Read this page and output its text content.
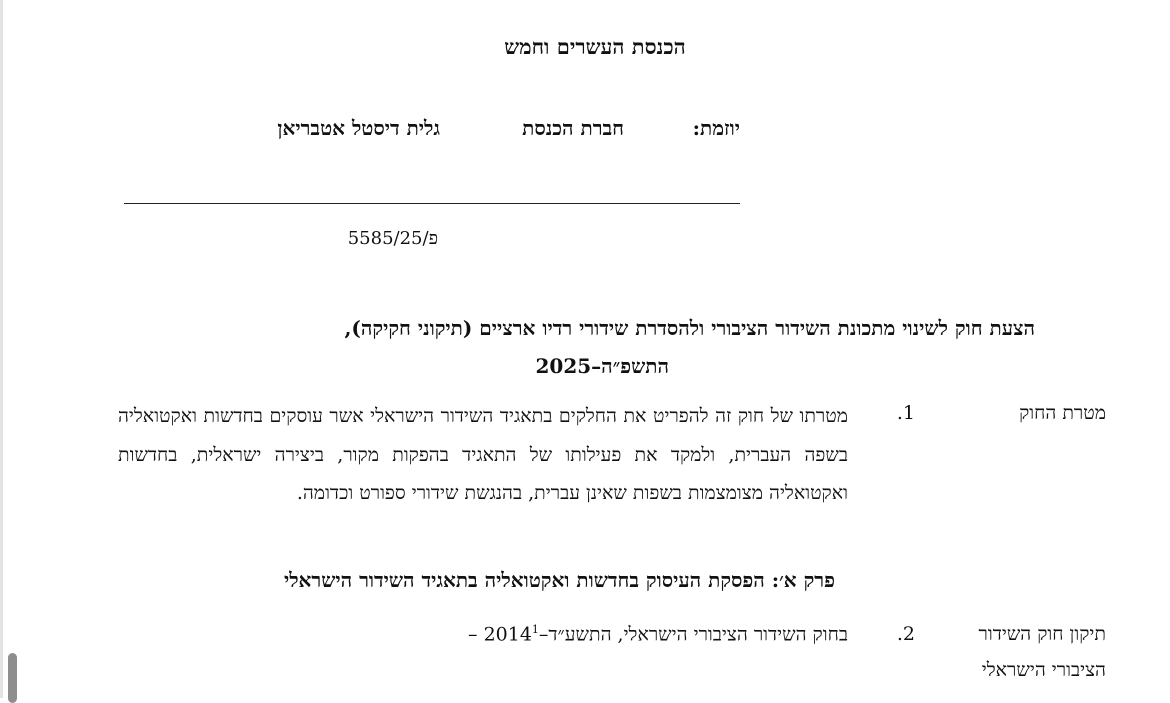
הכנסת העשרים וחמש
יוזמת:
חברת הכנסת
גלית דיסטל אטבריאן
פ/5585/25
הצעת חוק לשינוי מתכונת השידור הציבורי ולהסדרת שידורי רדיו ארציים (תיקוני חקיקה),
התשפ״ה–2025
מטרת החוק
1.
מטרתו של חוק זה להפריט את החלקים בתאגיד השידור הישראלי אשר עוסקים בחדשות ואקטואליה בשפה העברית, ולמקד את פעילותו של התאגיד בהפקות מקור, ביצירה ישראלית, בחדשות ואקטואליה מצומצמות בשפות שאינן עברית, בהנגשת שידורי ספורט וכדומה.
פרק א׳: הפסקת העיסוק בחדשות ואקטואליה בתאגיד השידור הישראלי
תיקון חוק השידור
הציבורי הישראלי
2.
בחוק השידור הציבורי הישראלי, התשע״ד–2014$^1$ –
